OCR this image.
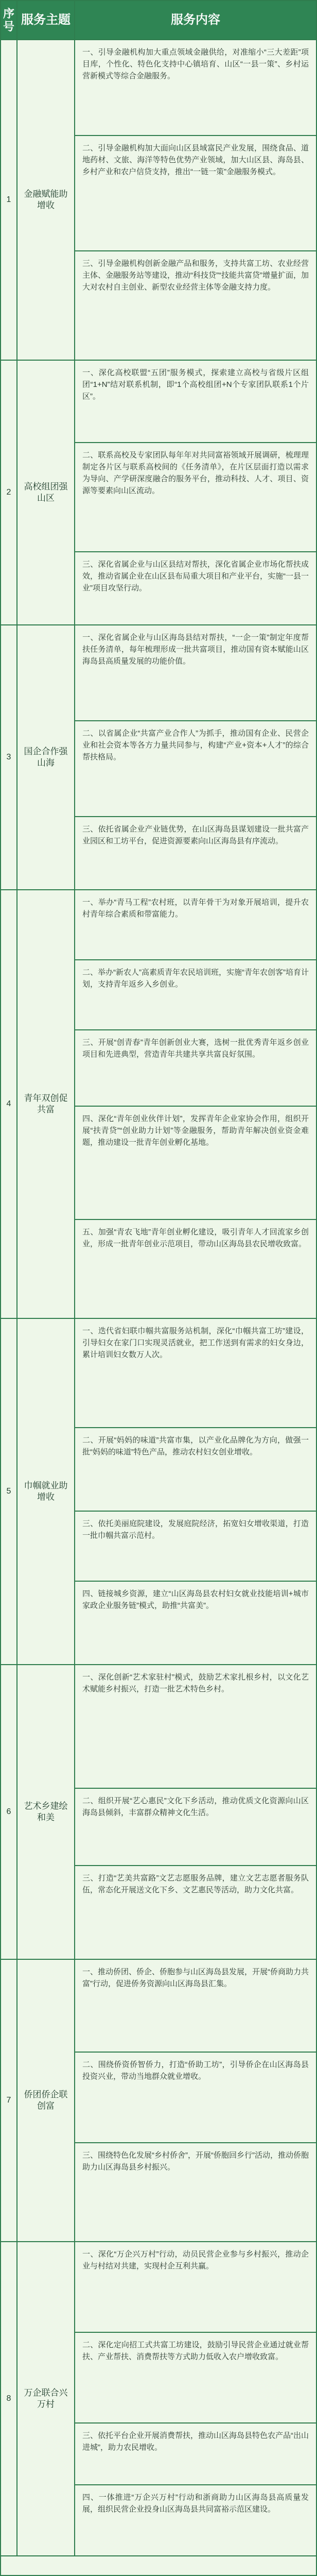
序号 服务主题	服务内容
1
金融赋能助增收
一、引导金融机构加大重点领域金融供给，对准缩小“三大差距”项目库，个性化、特色化支持中心镇培育、山区“一县一策”、乡村运营新模式等综合金融服务。
二、引导金融机构加大面向山区县域富民产业发展，围绕食品、道地药材、文旅、海洋等特色优势产业领域，加大山区县、海岛县、乡村产业和农户信贷支持，推出“一链一策”金融服务模式。
三、引导金融机构创新金融产品和服务，支持共富工坊、农业经营主体、金融服务站等建设，推动“科技贷”“技能共富贷”增量扩面，加大对农村自主创业、新型农业经营主体等金融支持力度。
2
高校组团强山区
一、深化高校联盟“五团”服务模式，探索建立高校与省级片区组团“1+N”结对联系机制，即“1个高校组团+N个专家团队联系1个片区”。
二、联系高校及专家团队每年年对共同富裕领域开展调研，梳理理制定各片区与联系高校间的《任务清单》，在片区层面打造以需求为导向、产学研深度融合的服务平台，推动科技、人才、项目、资源等要素向山区流动。
三、深化省属企业与山区县结对帮扶，深化省属企业市场化帮扶成效，推动省属企业在山区县布局重大项目和产业平台，实施“一县一业”项目攻坚行动。
3
国企合作强山海
一、深化省属企业与山区海岛县结对帮扶，“一企一策”制定年度帮扶任务清单，每年梳理形成一批共富项目，推动国有资本赋能山区海岛县高质量发展的功能价值。
二、以省属企业“共富产业合作人”为抓手，推动国有企业、民营企业和社会资本等各方力量共同参与，构建“产业+资本+人才”的综合帮扶格局。
三、依托省属企业产业链优势，在山区海岛县谋划建设一批共富产业园区和工坊平台，促进资源要素向山区海岛县有序流动。
4
青年双创促共富
一、举办“青马工程”农村班，以青年骨干为对象开展培训，提升农村青年综合素质和带富能力。
二、举办“新农人”高素质青年农民培训班，实施“青年农创客”培育计划，支持青年返乡入乡创业。
三、开展“创青春”青年创新创业大赛，选树一批优秀青年返乡创业项目和先进典型，营造青年共建共享共富良好氛围。
四、深化“青年创业伙伴计划”，发挥青年企业家协会作用，组织开展“扶青贷”“创业助力计划”等金融服务，帮助青年解决创业资金难题，推动建设一批青年创业孵化基地。
五、加强“青农飞地”青年创业孵化建设，吸引青年人才回流家乡创业，形成一批青年创业示范项目，带动山区海岛县农民增收致富。
5
巾帼就业助增收
一、迭代省妇联巾帼共富服务站机制，深化“巾帼共富工坊”建设，引导妇女在家门口实现灵活就业，把工作送到有需求的妇女身边，累计培训妇女数万人次。
二、开展“妈妈的味道”共富市集，以产业化品牌化为方向，做强一批“妈妈的味道”特色产品，推动农村妇女创业增收。
三、依托美丽庭院建设，发展庭院经济，拓宽妇女增收渠道，打造一批巾帼共富示范村。
四、链接城乡资源，建立“山区海岛县农村妇女就业技能培训+城市家政企业服务链”模式，助推“共富美”。
6
艺术乡建绘和美
一、深化创新“艺术家驻村”模式，鼓励艺术家扎根乡村，以文化艺术赋能乡村振兴，打造一批艺术特色乡村。
二、组织开展“艺心惠民”文化下乡活动，推动优质文化资源向山区海岛县倾斜，丰富群众精神文化生活。
三、打造“艺美共富路”文艺志愿服务品牌，建立文艺志愿者服务队伍，常态化开展送文化下乡、文艺惠民等活动，助力文化共富。
7
侨团侨企联创富
一、推动侨团、侨企、侨胞参与山区海岛县发展，开展“侨商助力共富”行动，促进侨务资源向山区海岛县汇集。
二、围绕侨资侨智侨力，打造“侨助工坊”，引导侨企在山区海岛县投资兴业，带动当地群众就业增收。
三、围绕特色化发展“乡村侨舍”，开展“侨胞回乡行”活动，推动侨胞助力山区海岛县乡村振兴。
8
万企联合兴万村
一、深化“万企兴万村”行动，动员民营企业参与乡村振兴，推动企业与村结对共建，实现村企互利共赢。
二、深化定向招工式共富工坊建设，鼓励引导民营企业通过就业帮扶、产业帮扶、消费帮扶等方式助力低收入农户增收致富。
三、依托平台企业开展消费帮扶，推动山区海岛县特色农产品“出山进城”，助力农民增收。
四、一体推进“万企兴万村”行动和浙商助力山区海岛县高质量发展，组织民营企业投身山区海岛县共同富裕示范区建设。
